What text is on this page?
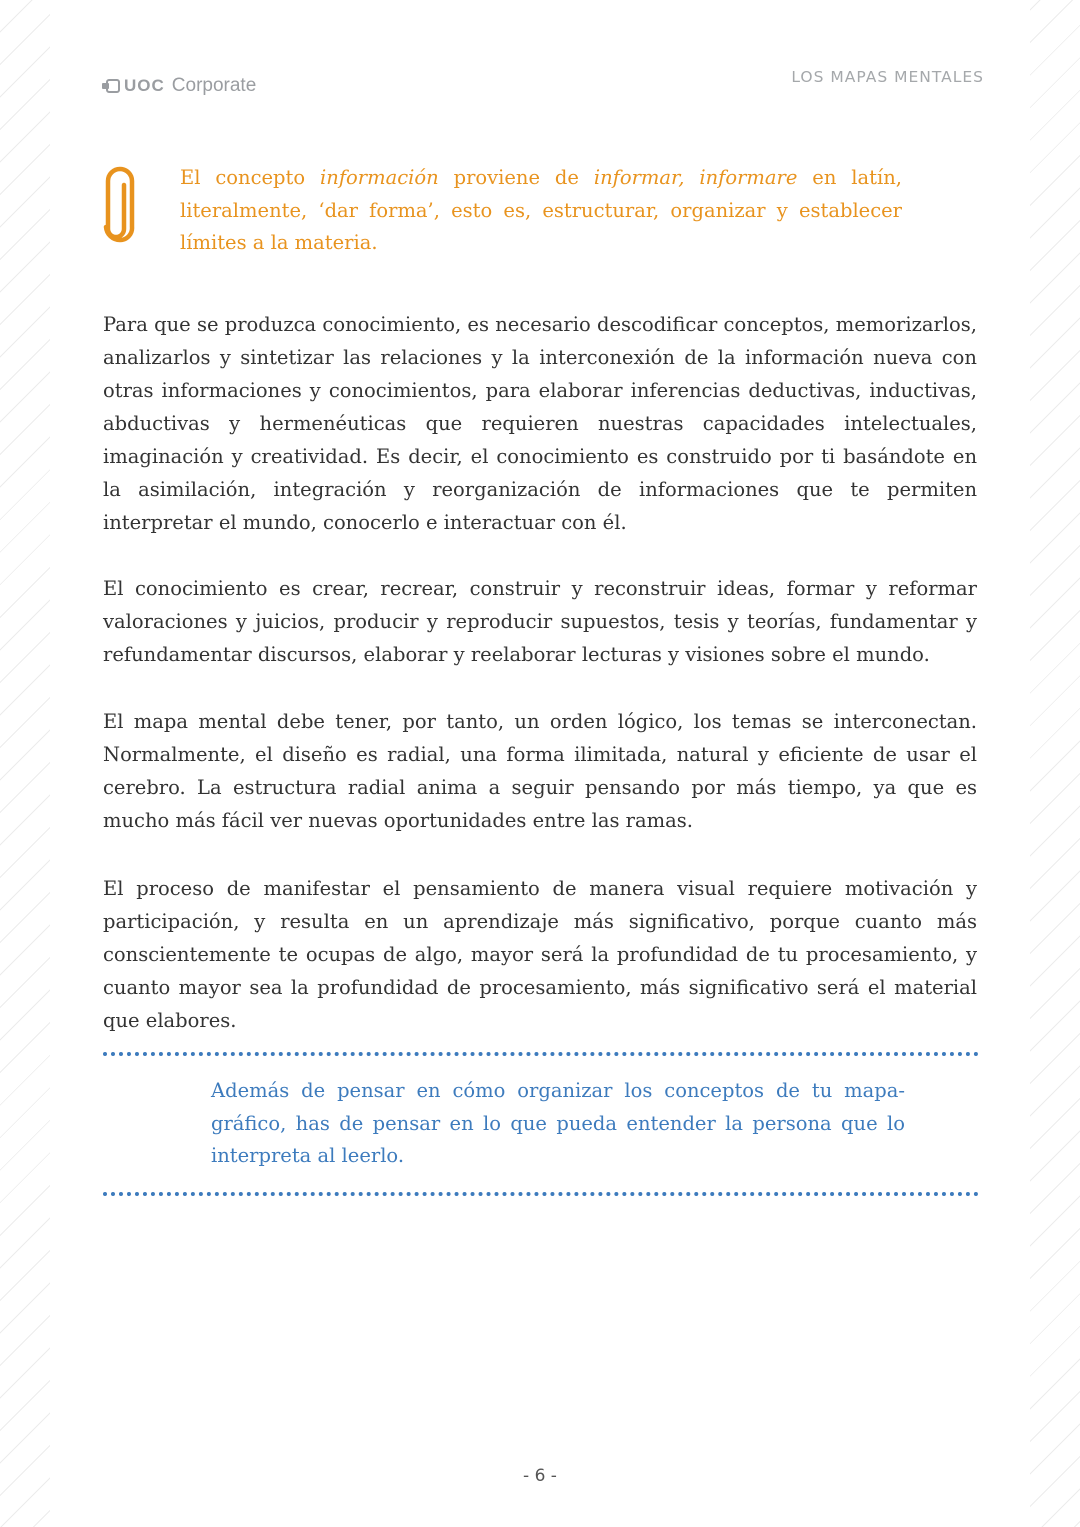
UOC Corporate	LOS MAPAS MENTALES

El concepto información proviene de informar, informare en latín, literalmente, ‘dar forma’, esto es, estructurar, organizar y establecer límites a la materia.

Para que se produzca conocimiento, es necesario descodificar conceptos, memorizarlos, analizarlos y sintetizar las relaciones y la interconexión de la información nueva con otras informaciones y conocimientos, para elaborar inferencias deductivas, inductivas, abductivas y hermenéuticas que requieren nuestras capacidades intelectuales, imaginación y creatividad. Es decir, el conocimiento es construido por ti basándote en la asimilación, integración y reorganización de informaciones que te permiten interpretar el mundo, conocerlo e interactuar con él.

El conocimiento es crear, recrear, construir y reconstruir ideas, formar y reformar valoraciones y juicios, producir y reproducir supuestos, tesis y teorías, fundamentar y refundamentar discursos, elaborar y reelaborar lecturas y visiones sobre el mundo.

El mapa mental debe tener, por tanto, un orden lógico, los temas se interconectan. Normalmente, el diseño es radial, una forma ilimitada, natural y eficiente de usar el cerebro. La estructura radial anima a seguir pensando por más tiempo, ya que es mucho más fácil ver nuevas oportunidades entre las ramas.

El proceso de manifestar el pensamiento de manera visual requiere motivación y participación, y resulta en un aprendizaje más significativo, porque cuanto más conscientemente te ocupas de algo, mayor será la profundidad de tu procesamiento, y cuanto mayor sea la profundidad de procesamiento, más significativo será el material que elabores.

Además de pensar en cómo organizar los conceptos de tu mapa-gráfico, has de pensar en lo que pueda entender la persona que lo interpreta al leerlo.

- 6 -
